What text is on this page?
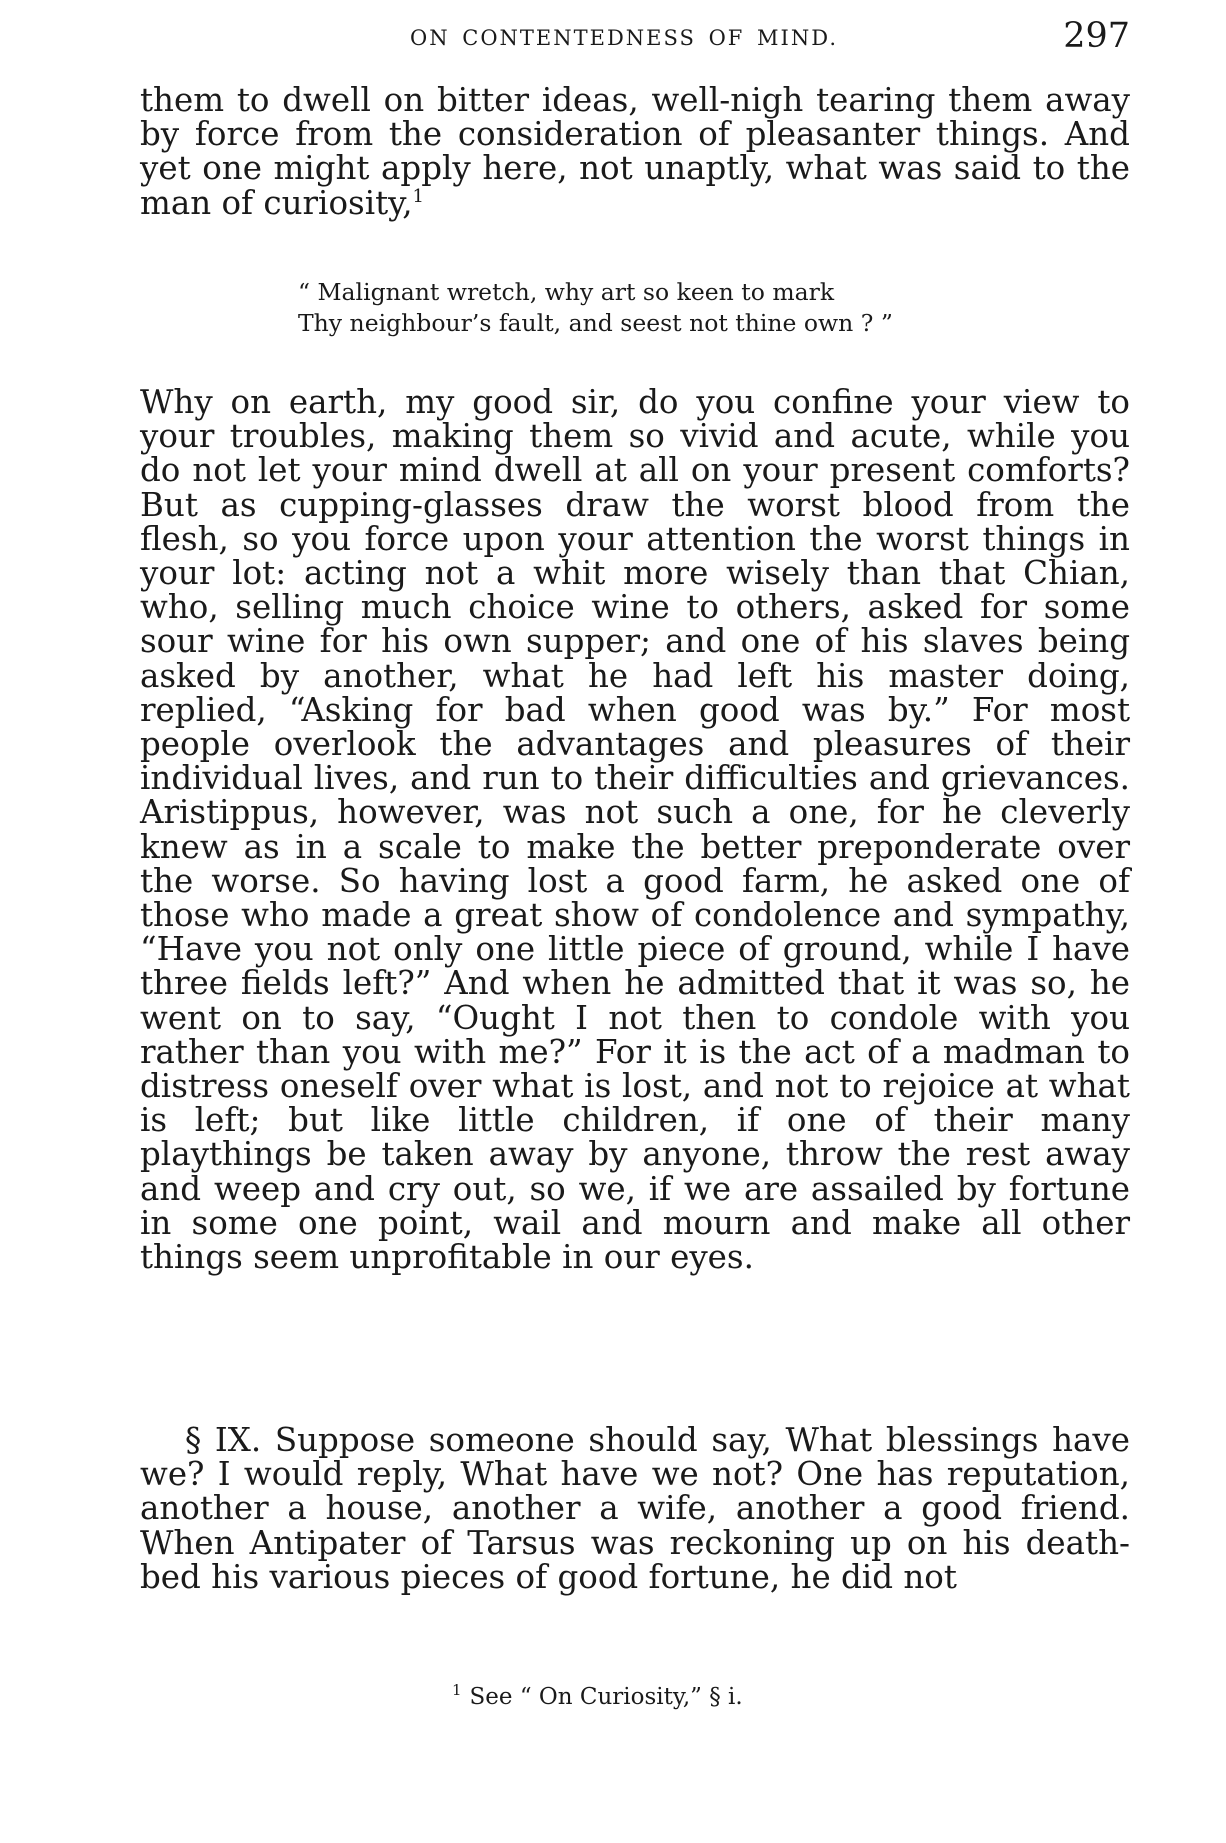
ON CONTENTEDNESS OF MIND.	297

them to dwell on bitter ideas, well-nigh tearing them away by force from the consideration of pleasanter things. And yet one might apply here, not unaptly, what was said to the man of curiosity,$^1$

“ Malignant wretch, why art so keen to mark
Thy neighbour’s fault, and seest not thine own ? ”

Why on earth, my good sir, do you confine your view to your troubles, making them so vivid and acute, while you do not let your mind dwell at all on your present comforts? But as cupping-glasses draw the worst blood from the flesh, so you force upon your attention the worst things in your lot: acting not a whit more wisely than that Chian, who, selling much choice wine to others, asked for some sour wine for his own supper; and one of his slaves being asked by another, what he had left his master doing, replied, “Asking for bad when good was by.” For most people overlook the advantages and pleasures of their individual lives, and run to their difficulties and grievances. Aristippus, however, was not such a one, for he cleverly knew as in a scale to make the better preponderate over the worse. So having lost a good farm, he asked one of those who made a great show of condolence and sympathy, “Have you not only one little piece of ground, while I have three fields left?” And when he admitted that it was so, he went on to say, “Ought I not then to condole with you rather than you with me?” For it is the act of a madman to distress oneself over what is lost, and not to rejoice at what is left; but like little children, if one of their many playthings be taken away by anyone, throw the rest away and weep and cry out, so we, if we are assailed by fortune in some one point, wail and mourn and make all other things seem unprofitable in our eyes.

§ IX. Suppose someone should say, What blessings have we? I would reply, What have we not? One has reputation, another a house, another a wife, another a good friend. When Antipater of Tarsus was reckoning up on his death-bed his various pieces of good fortune, he did not

$^1$ See “ On Curiosity,” § i.
